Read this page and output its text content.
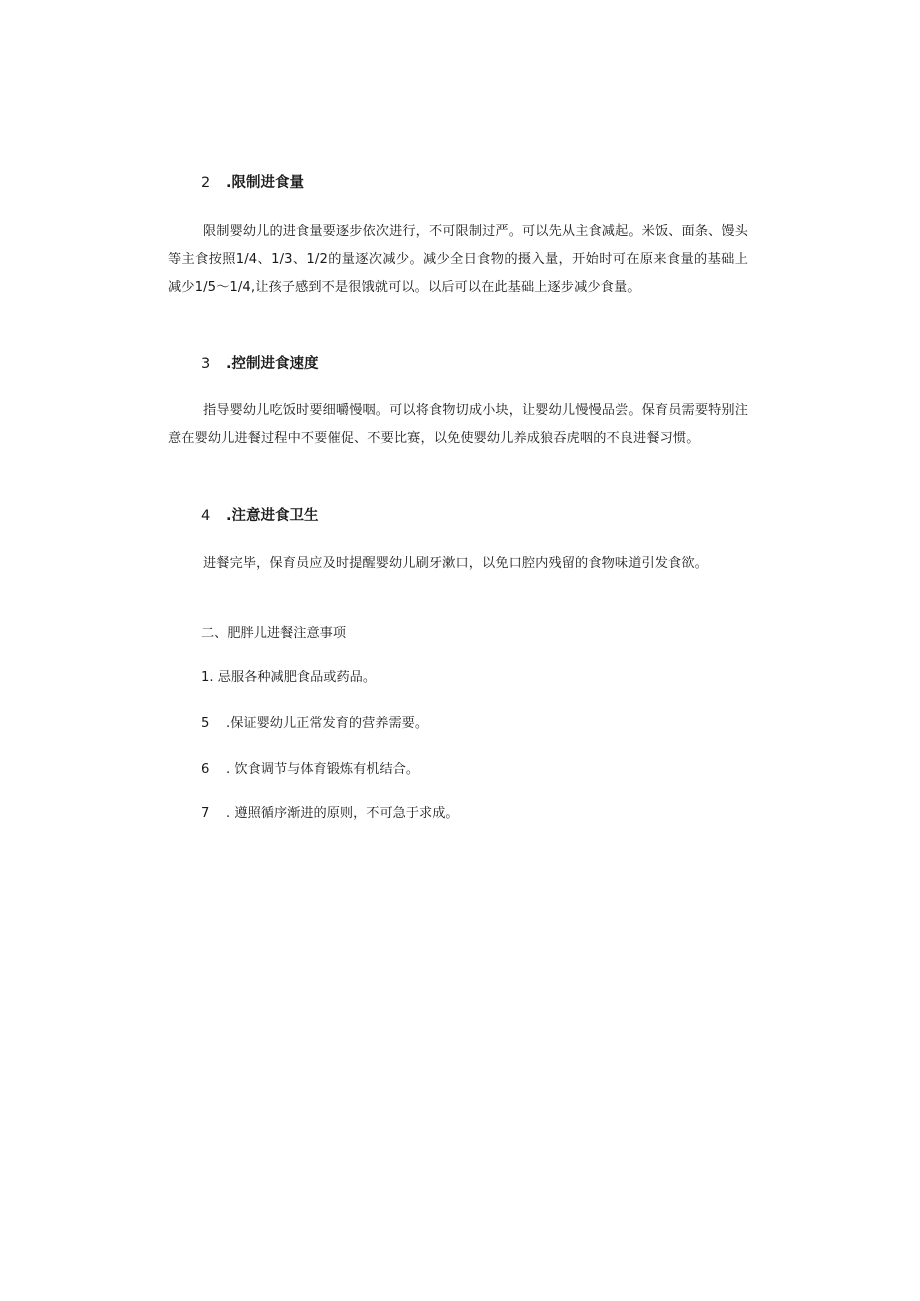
2 .限制进食量
限制婴幼儿的进食量要逐步依次进行，不可限制过严。可以先从主食减起。米饭、面条、馒头等主食按照1/4、1/3、1/2的量逐次减少。减少全日食物的摄入量，开始时可在原来食量的基础上减少1/5～1/4,让孩子感到不是很饿就可以。以后可以在此基础上逐步减少食量。
3 .控制进食速度
指导婴幼儿吃饭时要细嚼慢咽。可以将食物切成小块，让婴幼儿慢慢品尝。保育员需要特别注意在婴幼儿进餐过程中不要催促、不要比赛，以免使婴幼儿养成狼吞虎咽的不良进餐习惯。
4 .注意进食卫生
进餐完毕，保育员应及时提醒婴幼儿刷牙漱口，以免口腔内残留的食物味道引发食欲。
二、肥胖儿进餐注意事项
1. 忌服各种减肥食品或药品。
5 .保证婴幼儿正常发育的营养需要。
6 . 饮食调节与体育锻炼有机结合。
7 . 遵照循序渐进的原则，不可急于求成。
